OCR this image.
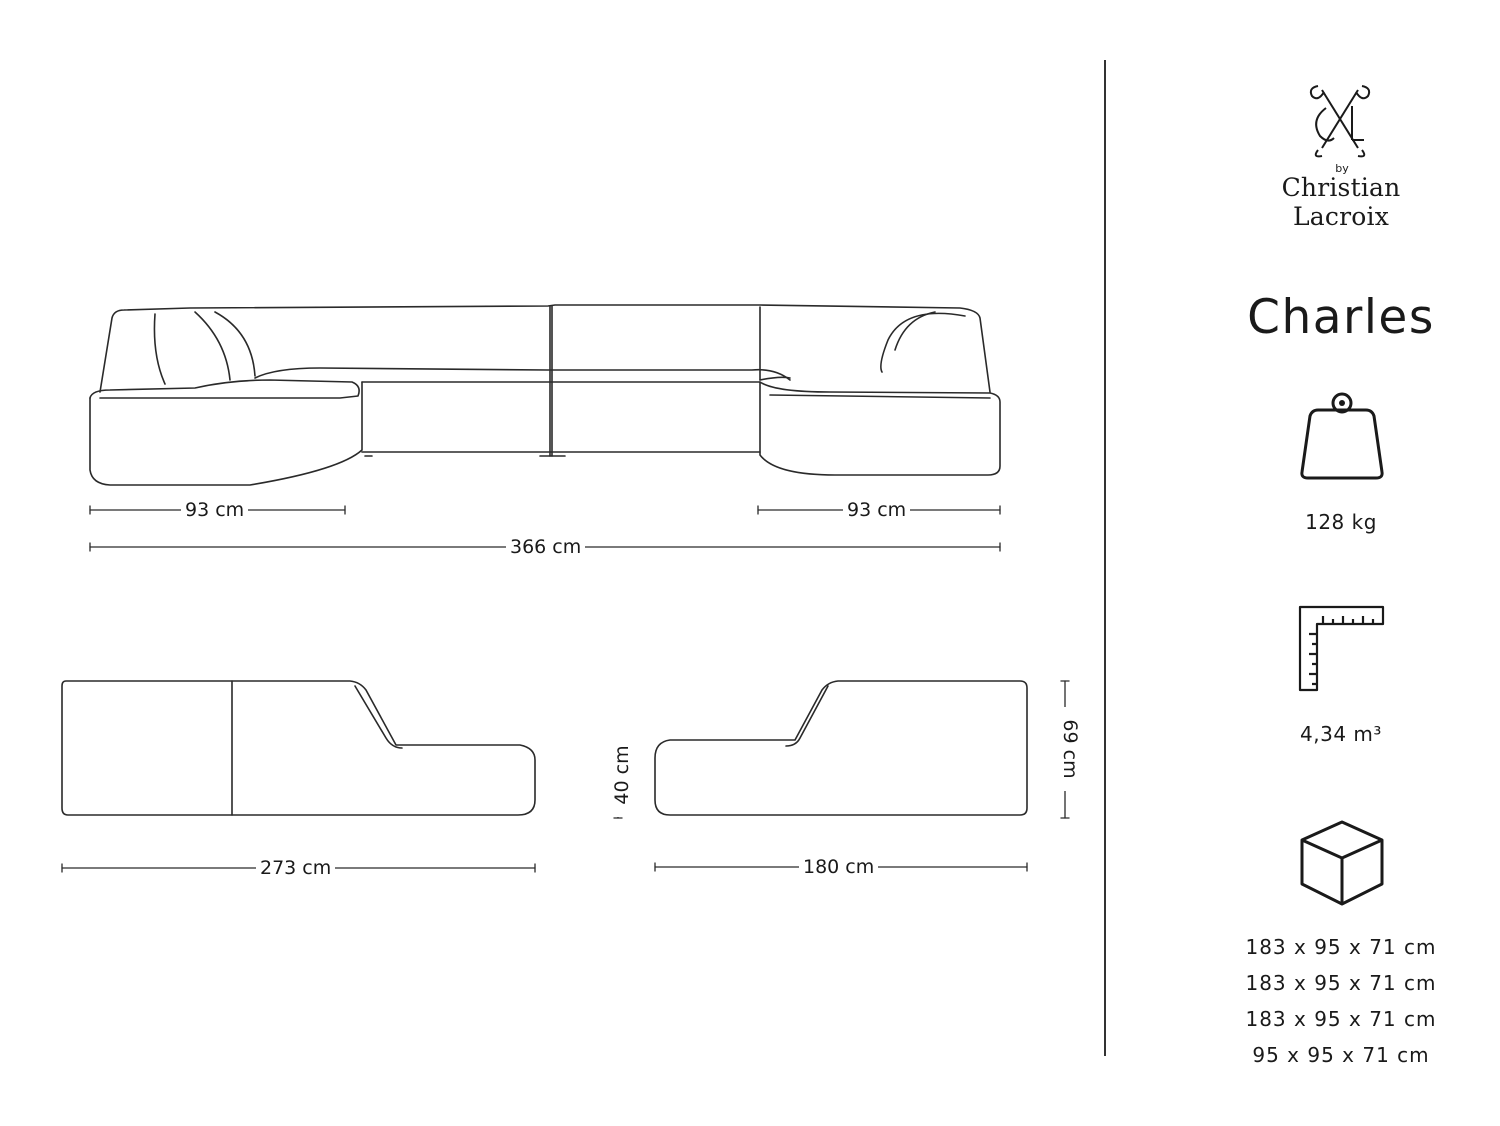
93 cm	93 cm
366 cm
273 cm	180 cm
40 cm	69 cm
by
Christian Lacroix
Charles
128 kg
4,34 m³
183 x 95 x 71 cm
183 x 95 x 71 cm
183 x 95 x 71 cm
95 x 95 x 71 cm
